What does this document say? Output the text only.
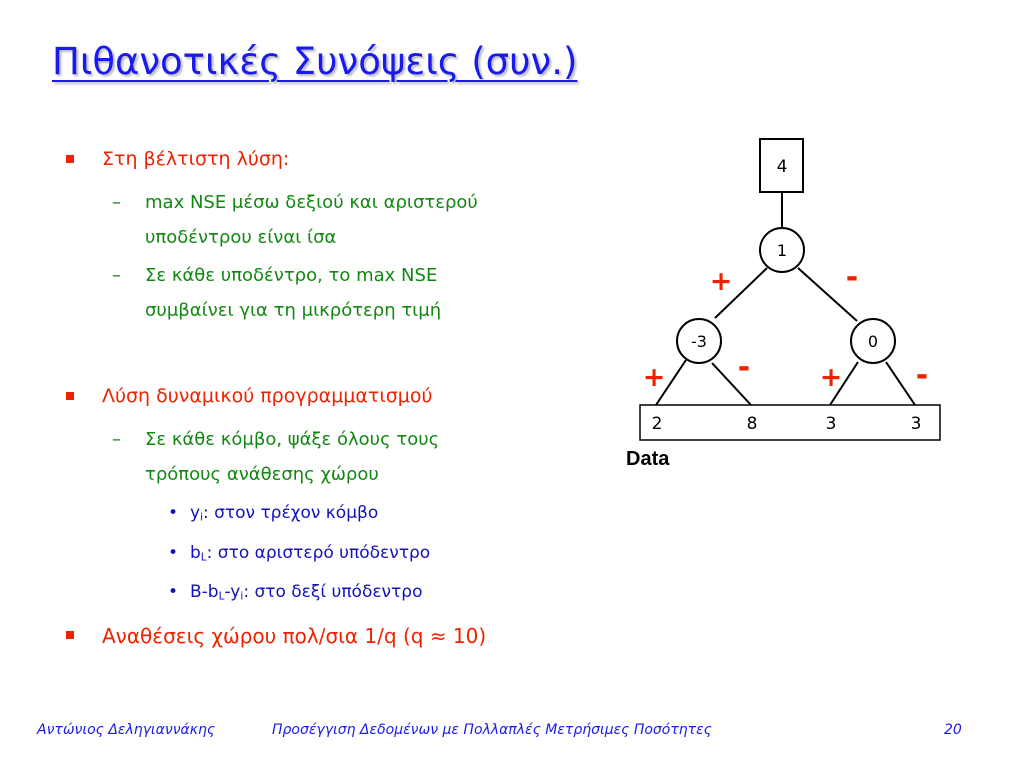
Πιθανοτικές Συνόψεις (συν.)
Στη βέλτιστη λύση:
– max NSE μέσω δεξιού και αριστερού
υποδέντρου είναι ίσα
– Σε κάθε υποδέντρο, το max NSE
συμβαίνει για τη μικρότερη τιμή
Λύση δυναμικού προγραμματισμού
– Σε κάθε κόμβο, ψάξε όλους τους
τρόπους ανάθεσης χώρου
• $y_i$: στον τρέχον κόμβο
• $b_L$: στο αριστερό υπόδεντρο
• $B-b_L-y_i$: στο δεξί υπόδεντρο
Αναθέσεις χώρου πολ/σια 1/q (q ≈ 10)
4
1
-3	0
+	-
+ -	+ -
2	8	3	3
Data
Αντώνιος Δεληγιαννάκης	Προσέγγιση Δεδομένων με Πολλαπλές Μετρήσιμες Ποσότητες	20
